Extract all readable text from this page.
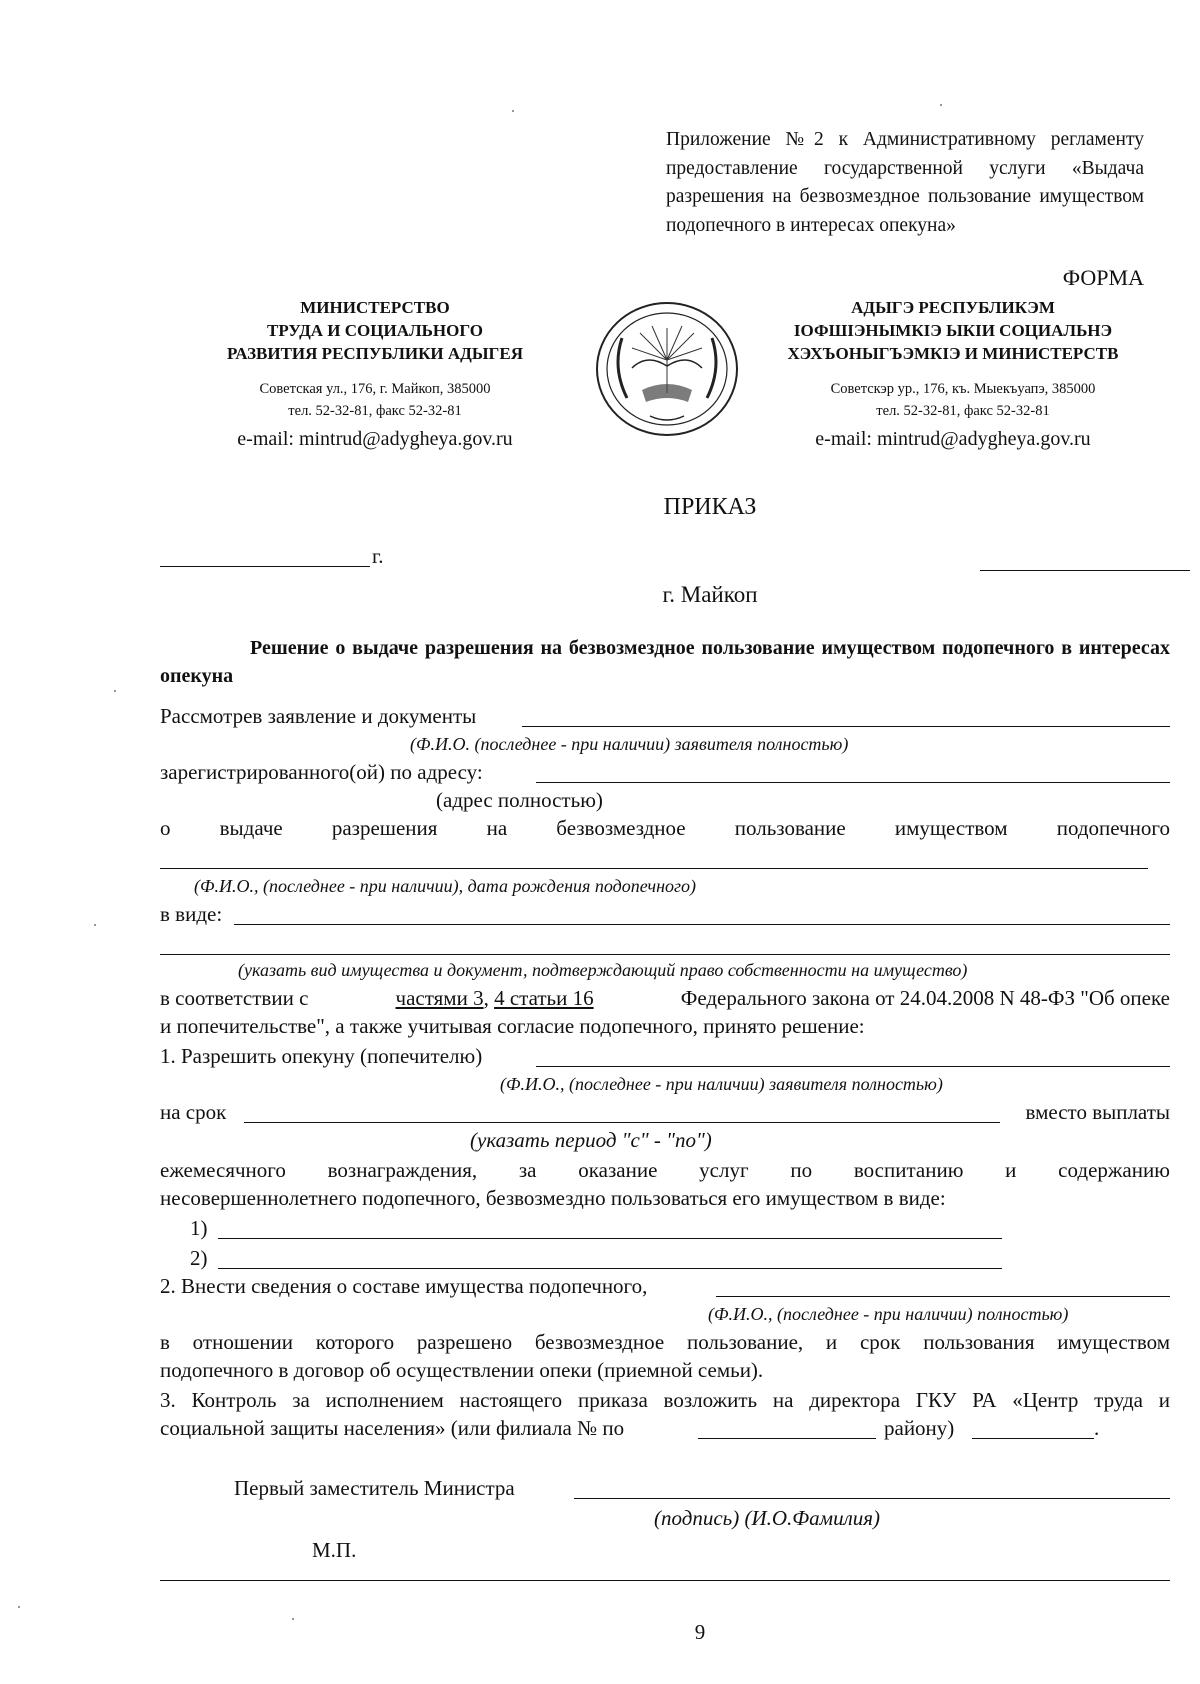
Приложение №2 к Административному регламенту предоставление государственной услуги «Выдача разрешения на безвозмездное пользование имуществом подопечного в интересах опекуна»
ФОРМА
МИНИСТЕРСТВО
ТРУДА И СОЦИАЛЬНОГО
РАЗВИТИЯ РЕСПУБЛИКИ АДЫГЕЯ
Советская ул., 176, г. Майкоп, 385000
тел. 52-32-81, факс 52-32-81
e-mail: mintrud@adygheya.gov.ru
АДЫГЭ РЕСПУБЛИКЭМ
IОФШIЭНЫМКIЭ ЫКIИ СОЦИАЛЬНЭ
ХЭХЪОНЫГЪЭМКIЭ И МИНИСТЕРСТВ
Советскэр ур., 176, къ. Мыекъуапэ, 385000
тел. 52-32-81, факс 52-32-81
e-mail: mintrud@adygheya.gov.ru
ПРИКАЗ
г.
г. Майкоп
Решение о выдаче разрешения на безвозмездное пользование имуществом подопечного в интересах опекуна
Рассмотрев заявление и документы
(Ф.И.О. (последнее - при наличии) заявителя полностью)
зарегистрированного(ой) по адресу:
(адрес полностью)
о выдаче разрешения на безвозмездное пользование имуществом подопечного
(Ф.И.О., (последнее - при наличии), дата рождения подопечного)
в виде:
(указать вид имущества и документ, подтверждающий право собственности на имущество)
в соответствии с	частями 3, 4 статьи 16	Федерального закона от 24.04.2008 N 48-ФЗ "Об опеке
и попечительстве", а также учитывая согласие подопечного, принято решение:
1. Разрешить опекуну (попечителю)
(Ф.И.О., (последнее - при наличии) заявителя полностью)
на срок	вместо выплаты
(указать период "с" - "по")
ежемесячного вознаграждения, за оказание услуг по воспитанию и содержанию
несовершеннолетнего подопечного, безвозмездно пользоваться его имуществом в виде:
1)
2)
2. Внести сведения о составе имущества подопечного,
(Ф.И.О., (последнее - при наличии) полностью)
в отношении которого разрешено безвозмездное пользование, и срок пользования имуществом
подопечного в договор об осуществлении опеки (приемной семьи).
3. Контроль за исполнением настоящего приказа возложить на директора ГКУ РА «Центр труда и
социальной защиты населения» (или филиала № по	району)	.
Первый заместитель Министра
(подпись) (И.О.Фамилия)
М.П.
9
